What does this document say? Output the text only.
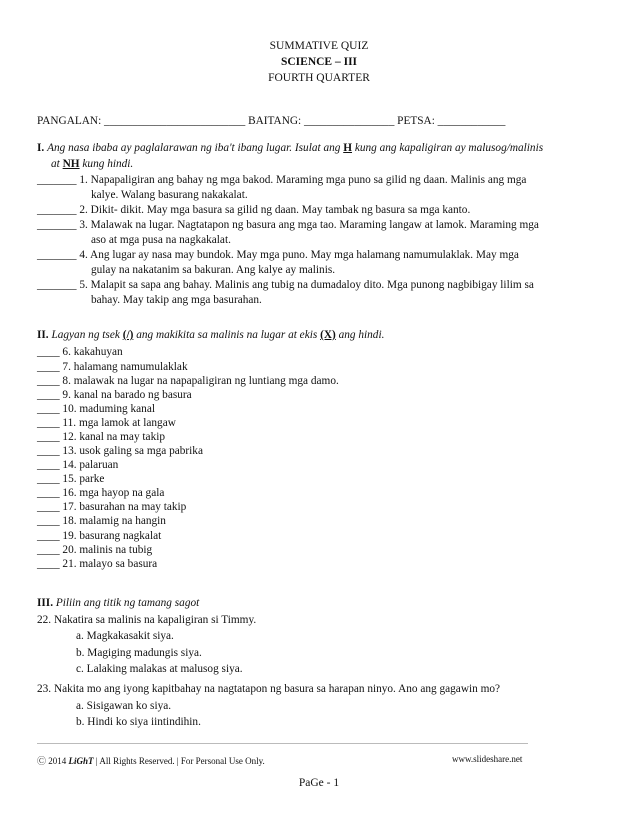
SUMMATIVE QUIZ
SCIENCE – III
FOURTH QUARTER
PANGALAN: _________________________ BAITANG: ________________ PETSA: ____________
I. Ang nasa ibaba ay paglalarawan ng iba't ibang lugar. Isulat ang H kung ang kapaligiran ay malusog/malinis
at NH kung hindi.
_______ 1. Napapaligiran ang bahay ng mga bakod. Maraming mga puno sa gilid ng daan. Malinis ang mga
kalye. Walang basurang nakakalat.
_______ 2. Dikit- dikit. May mga basura sa gilid ng daan. May tambak ng basura sa mga kanto.
_______ 3. Malawak na lugar. Nagtatapon ng basura ang mga tao. Maraming langaw at lamok. Maraming mga
aso at mga pusa na nagkakalat.
_______ 4. Ang lugar ay nasa may bundok. May mga puno. May mga halamang namumulaklak. May mga
gulay na nakatanim sa bakuran. Ang kalye ay malinis.
_______ 5. Malapit sa sapa ang bahay. Malinis ang tubig na dumadaloy dito. Mga punong nagbibigay lilim sa
bahay. May takip ang mga basurahan.
II. Lagyan ng tsek (/) ang makikita sa malinis na lugar at ekis (X) ang hindi.
____ 6. kakahuyan
____ 7. halamang namumulaklak
____ 8. malawak na lugar na napapaligiran ng luntiang mga damo.
____ 9. kanal na barado ng basura
____ 10. maduming kanal
____ 11. mga lamok at langaw
____ 12. kanal na may takip
____ 13. usok galing sa mga pabrika
____ 14. palaruan
____ 15. parke
____ 16. mga hayop na gala
____ 17. basurahan na may takip
____ 18. malamig na hangin
____ 19. basurang nagkalat
____ 20. malinis na tubig
____ 21. malayo sa basura
III. Piliin ang titik ng tamang sagot
22. Nakatira sa malinis na kapaligiran si Timmy.
a. Magkakasakit siya.
b. Magiging madungis siya.
c. Lalaking malakas at malusog siya.
23. Nakita mo ang iyong kapitbahay na nagtatapon ng basura sa harapan ninyo. Ano ang gagawin mo?
a. Sisigawan ko siya.
b. Hindi ko siya iintindihin.
Ⓒ 2014 LiGhT | All Rights Reserved. | For Personal Use Only.	www.slideshare.net
PaGe - 1
